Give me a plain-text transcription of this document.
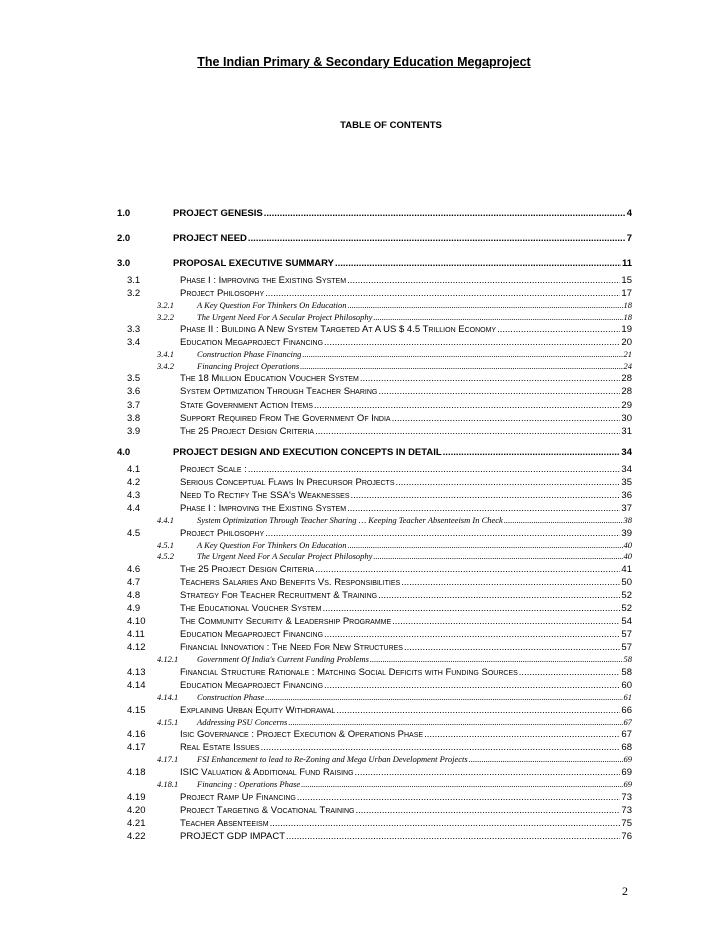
The Indian Primary & Secondary Education Megaproject
TABLE OF CONTENTS
1.0	PROJECT GENESIS .....	4
2.0	PROJECT NEED .....	7
3.0	PROPOSAL EXECUTIVE SUMMARY .....	11
3.1	Phase I : Improving the Existing System .....	15
3.2	Project Philosophy .....	17
3.2.1	A Key Question For Thinkers On Education .....	18
3.2.2	The Urgent Need For A Secular Project Philosophy .....	18
3.3	Phase II : Building A New System Targeted At A US $ 4.5 Trillion Economy .....	19
3.4	Education Megaproject Financing .....	20
3.4.1	Construction Phase Financing .....	21
3.4.2	Financing Project Operations .....	24
3.5	The 18 Million Education Voucher System .....	28
3.6	System Optimization Through Teacher Sharing .....	28
3.7	State Government Action Items .....	29
3.8	Support Required From The Government Of India .....	30
3.9	The 25 Project Design Criteria .....	31
4.0	PROJECT DESIGN AND EXECUTION CONCEPTS IN DETAIL .....	34
4.1	Project Scale : .....	34
4.2	Serious Conceptual Flaws In Precursor Projects .....	35
4.3	Need To Rectify The SSA's Weaknesses .....	36
4.4	Phase I : Improving the Existing System .....	37
4.4.1	System Optimization Through Teacher Sharing … Keeping Teacher Absenteeism In Check .....	38
4.5	Project Philosophy .....	39
4.5.1	A Key Question For Thinkers On Education .....	40
4.5.2	The Urgent Need For A Secular Project Philosophy .....	40
4.6	The 25 Project Design Criteria .....	41
4.7	Teachers Salaries And Benefits Vs. Responsibilities .....	50
4.8	Strategy For Teacher Recruitment & Training .....	52
4.9	The Educational Voucher System .....	52
4.10	The Community Security & Leadership Programme .....	54
4.11	Education Megaproject Financing .....	57
4.12	Financial Innovation : The Need For New Structures .....	57
4.12.1	Government Of India's Current Funding Problems .....	58
4.13	Financial Structure Rationale : Matching Social Deficits with Funding Sources .....	58
4.14	Education Megaproject Financing .....	60
4.14.1	Construction Phase .....	61
4.15	Explaining Urban Equity Withdrawal .....	66
4.15.1	Addressing PSU Concerns .....	67
4.16	Isic Governance : Project Execution & Operations Phase .....	67
4.17	Real Estate Issues .....	68
4.17.1	FSI Enhancement to lead to Re-Zoning and Mega Urban Development Projects .....	69
4.18	ISIC Valuation & Additional Fund Raising .....	69
4.18.1	Financing : Operations Phase .....	69
4.19	Project Ramp Up Financing .....	73
4.20	Project Targeting & Vocational Training .....	73
4.21	Teacher Absenteeism .....	75
4.22	PROJECT GDP IMPACT .....	76
2
